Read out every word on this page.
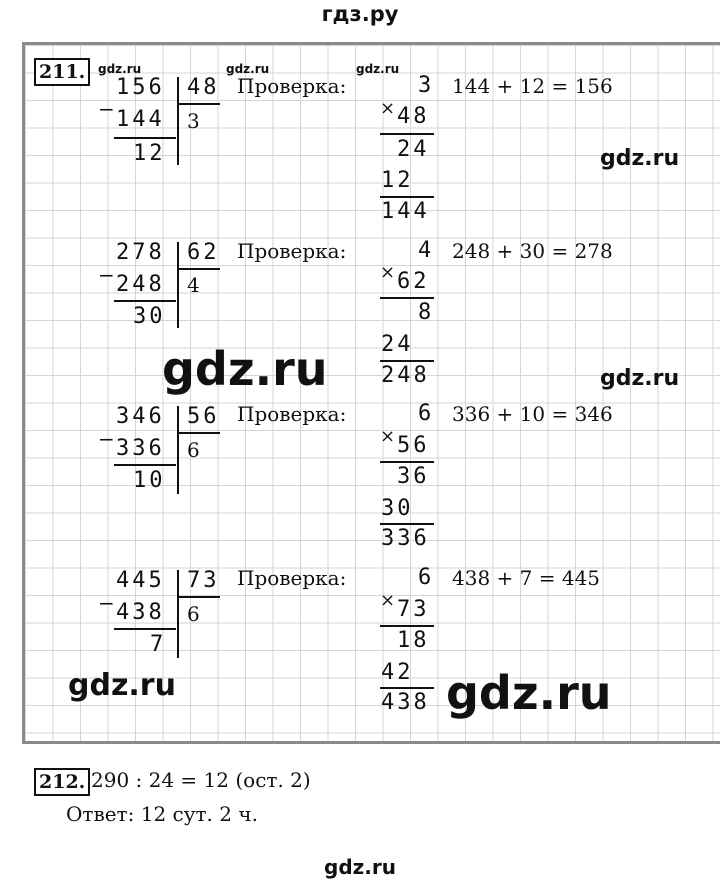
гдз.ру
211.
156 48
− 144 3
12
Проверка:	3
× 48
24
12
144
144 + 12 = 156
278 62
− 248 4
30
Проверка:	4
× 62
8
24
248
248 + 30 = 278
346 56
− 336 6
10
Проверка:	6
× 56
36
30
336
336 + 10 = 346
445 73
− 438 6
7
Проверка:	6
× 73
18
42
438
438 + 7 = 445
gdz.ru	gdz.ru	gdz.ru
gdz.ru
gdz.ru
gdz.ru
gdz.ru	gdz.ru
212. 290 : 24 = 12 (ост. 2)
Ответ: 12 сут. 2 ч.
gdz.ru
